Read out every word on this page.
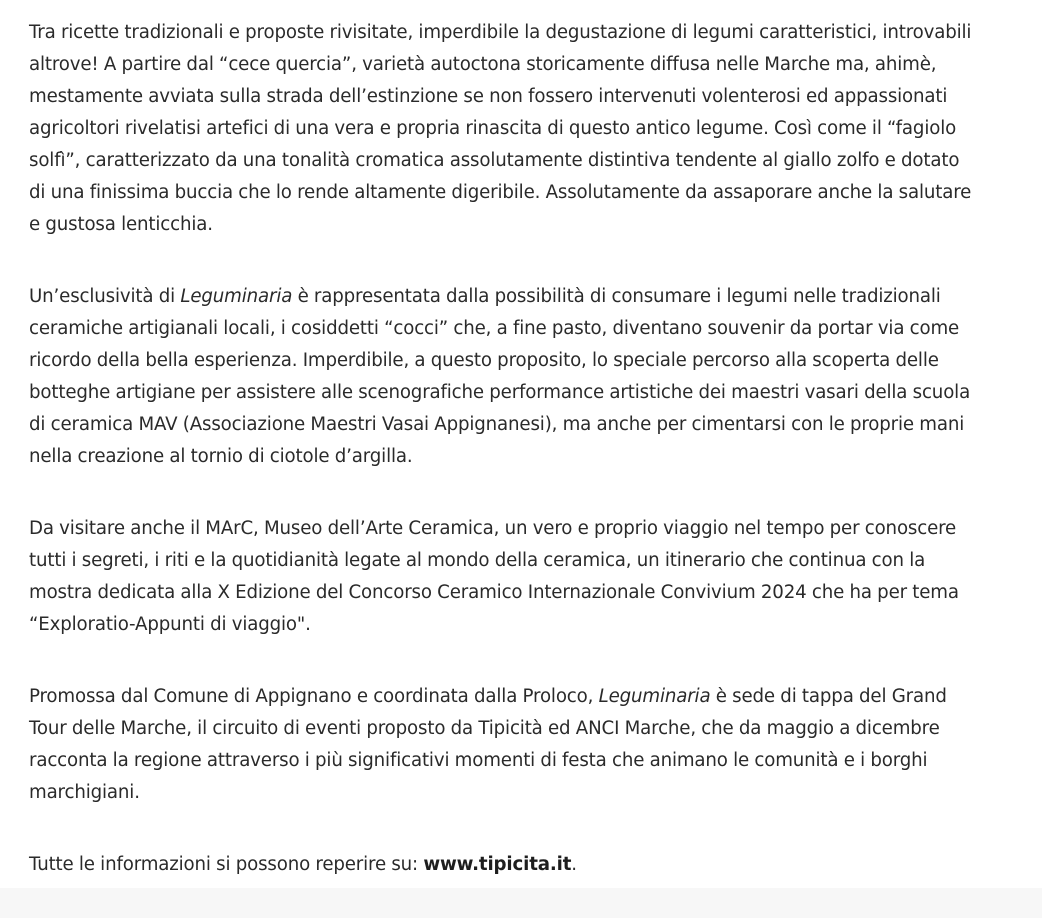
Tra ricette tradizionali e proposte rivisitate, imperdibile la degustazione di legumi caratteristici, introvabili altrove! A partire dal “cece quercia”, varietà autoctona storicamente diffusa nelle Marche ma, ahimè, mestamente avviata sulla strada dell’estinzione se non fossero intervenuti volenterosi ed appassionati agricoltori rivelatisi artefici di una vera e propria rinascita di questo antico legume. Così come il “fagiolo solfì”, caratterizzato da una tonalità cromatica assolutamente distintiva tendente al giallo zolfo e dotato di una finissima buccia che lo rende altamente digeribile. Assolutamente da assaporare anche la salutare e gustosa lenticchia.

Un’esclusività di Leguminaria è rappresentata dalla possibilità di consumare i legumi nelle tradizionali ceramiche artigianali locali, i cosiddetti “cocci” che, a fine pasto, diventano souvenir da portar via come ricordo della bella esperienza. Imperdibile, a questo proposito, lo speciale percorso alla scoperta delle botteghe artigiane per assistere alle scenografiche performance artistiche dei maestri vasari della scuola di ceramica MAV (Associazione Maestri Vasai Appignanesi), ma anche per cimentarsi con le proprie mani nella creazione al tornio di ciotole d’argilla.

Da visitare anche il MArC, Museo dell’Arte Ceramica, un vero e proprio viaggio nel tempo per conoscere tutti i segreti, i riti e la quotidianità legate al mondo della ceramica, un itinerario che continua con la mostra dedicata alla X Edizione del Concorso Ceramico Internazionale Convivium 2024 che ha per tema “Exploratio-Appunti di viaggio".

Promossa dal Comune di Appignano e coordinata dalla Proloco, Leguminaria è sede di tappa del Grand Tour delle Marche, il circuito di eventi proposto da Tipicità ed ANCI Marche, che da maggio a dicembre racconta la regione attraverso i più significativi momenti di festa che animano le comunità e i borghi marchigiani.

Tutte le informazioni si possono reperire su: www.tipicita.it.
